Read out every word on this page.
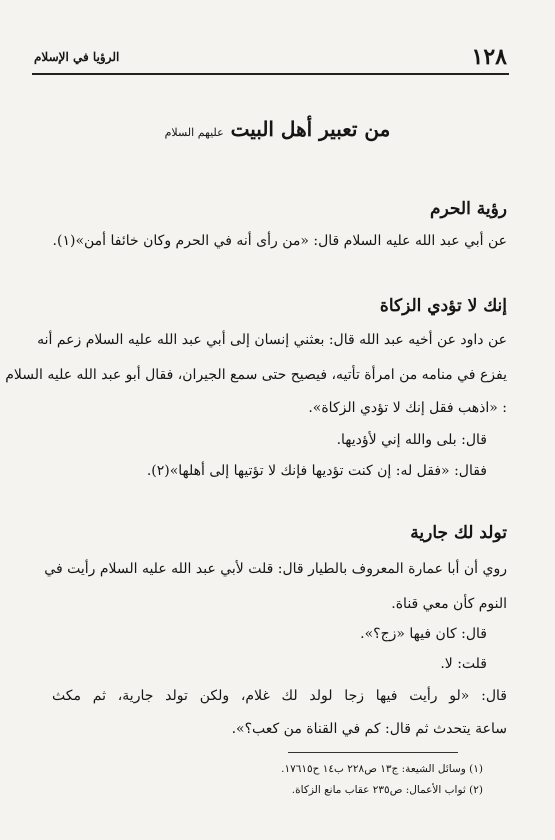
١٢٨
الرؤيا في الإسلام
من تعبير أهل البيت عليهم السلام
رؤية الحرم
عن أبي عبد الله عليه السلام قال: «من رأى أنه في الحرم وكان خائفا أمن»(١).
إنك لا تؤدي الزكاة
عن داود عن أخيه عبد الله قال: بعثني إنسان إلى أبي عبد الله عليه السلام زعم أنه
يفزع في منامه من امرأة تأتيه، فيصيح حتى سمع الجيران، فقال أبو عبد الله عليه السلام
: «اذهب فقل إنك لا تؤدي الزكاة».
قال: بلى والله إني لأؤديها.
فقال: «فقل له: إن كنت تؤديها فإنك لا تؤتيها إلى أهلها»(٢).
تولد لك جارية
روي أن أبا عمارة المعروف بالطيار قال: قلت لأبي عبد الله عليه السلام رأيت في
النوم كأن معي قناة.
قال: كان فيها «زج؟».
قلت: لا.
قال: «لو رأيت فيها زجا لولد لك غلام، ولكن تولد جارية، ثم مكث
ساعة يتحدث ثم قال: كم في القناة من كعب؟».
(١) وسائل الشيعة: ج١٣ ص٢٢٨ ب١٤ ح١٧٦١٥.
(٢) ثواب الأعمال: ص٢٣٥ عقاب مانع الزكاة.
